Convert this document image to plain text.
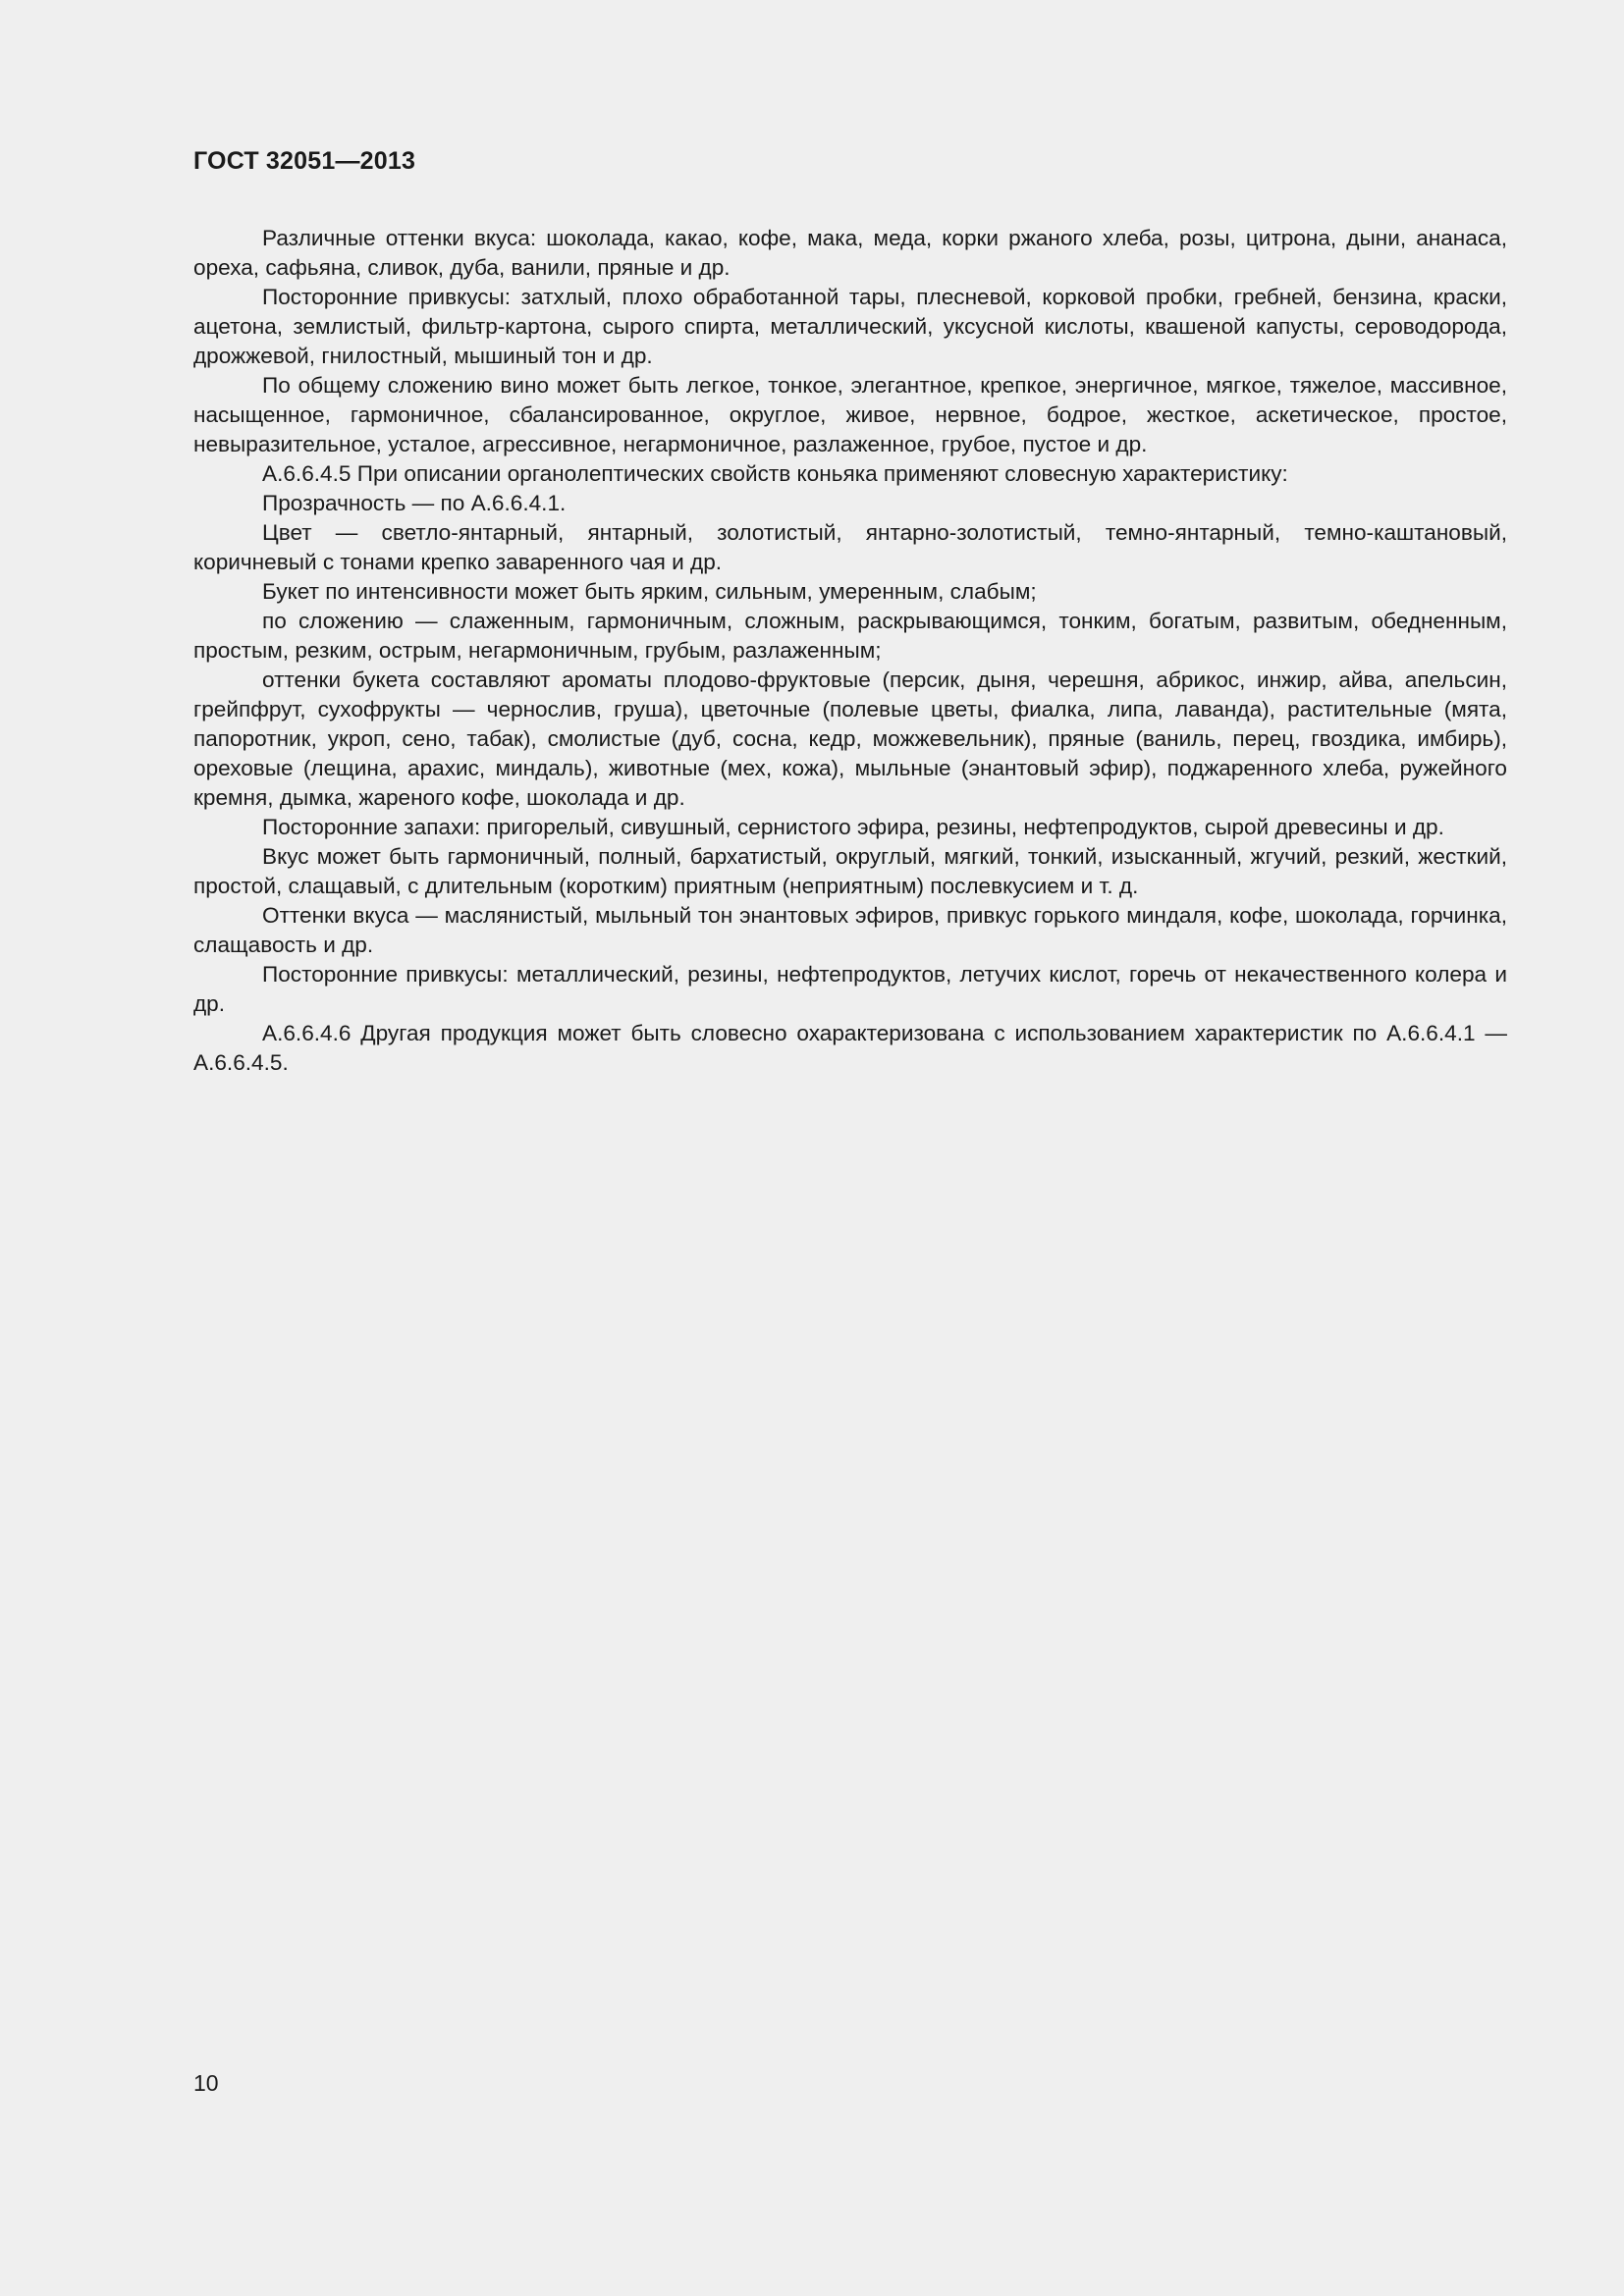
ГОСТ 32051—2013

Различные оттенки вкуса: шоколада, какао, кофе, мака, меда, корки ржаного хлеба, розы, цитрона, дыни, ананаса, ореха, сафьяна, сливок, дуба, ванили, пряные и др.

Посторонние привкусы: затхлый, плохо обработанной тары, плесневой, корковой пробки, гребней, бензина, краски, ацетона, землистый, фильтр-картона, сырого спирта, металлический, уксусной кислоты, квашеной капусты, сероводорода, дрожжевой, гнилостный, мышиный тон и др.

По общему сложению вино может быть легкое, тонкое, элегантное, крепкое, энергичное, мягкое, тяжелое, массивное, насыщенное, гармоничное, сбалансированное, округлое, живое, нервное, бодрое, жесткое, аскетическое, простое, невыразительное, усталое, агрессивное, негармоничное, разлаженное, грубое, пустое и др.

А.6.6.4.5 При описании органолептических свойств коньяка применяют словесную характеристику:

Прозрачность — по А.6.6.4.1.

Цвет — светло-янтарный, янтарный, золотистый, янтарно-золотистый, темно-янтарный, темно-каштановый, коричневый с тонами крепко заваренного чая и др.

Букет по интенсивности может быть ярким, сильным, умеренным, слабым;

по сложению — слаженным, гармоничным, сложным, раскрывающимся, тонким, богатым, развитым, обедненным, простым, резким, острым, негармоничным, грубым, разлаженным;

оттенки букета составляют ароматы плодово-фруктовые (персик, дыня, черешня, абрикос, инжир, айва, апельсин, грейпфрут, сухофрукты — чернослив, груша), цветочные (полевые цветы, фиалка, липа, лаванда), растительные (мята, папоротник, укроп, сено, табак), смолистые (дуб, сосна, кедр, можжевельник), пряные (ваниль, перец, гвоздика, имбирь), ореховые (лещина, арахис, миндаль), животные (мех, кожа), мыльные (энантовый эфир), поджаренного хлеба, ружейного кремня, дымка, жареного кофе, шоколада и др.

Посторонние запахи: пригорелый, сивушный, сернистого эфира, резины, нефтепродуктов, сырой древесины и др.

Вкус может быть гармоничный, полный, бархатистый, округлый, мягкий, тонкий, изысканный, жгучий, резкий, жесткий, простой, слащавый, с длительным (коротким) приятным (неприятным) послевкусием и т. д.

Оттенки вкуса — маслянистый, мыльный тон энантовых эфиров, привкус горького миндаля, кофе, шоколада, горчинка, слащавость и др.

Посторонние привкусы: металлический, резины, нефтепродуктов, летучих кислот, горечь от некачественного колера и др.

А.6.6.4.6 Другая продукция может быть словесно охарактеризована с использованием характеристик по А.6.6.4.1 — А.6.6.4.5.

10
